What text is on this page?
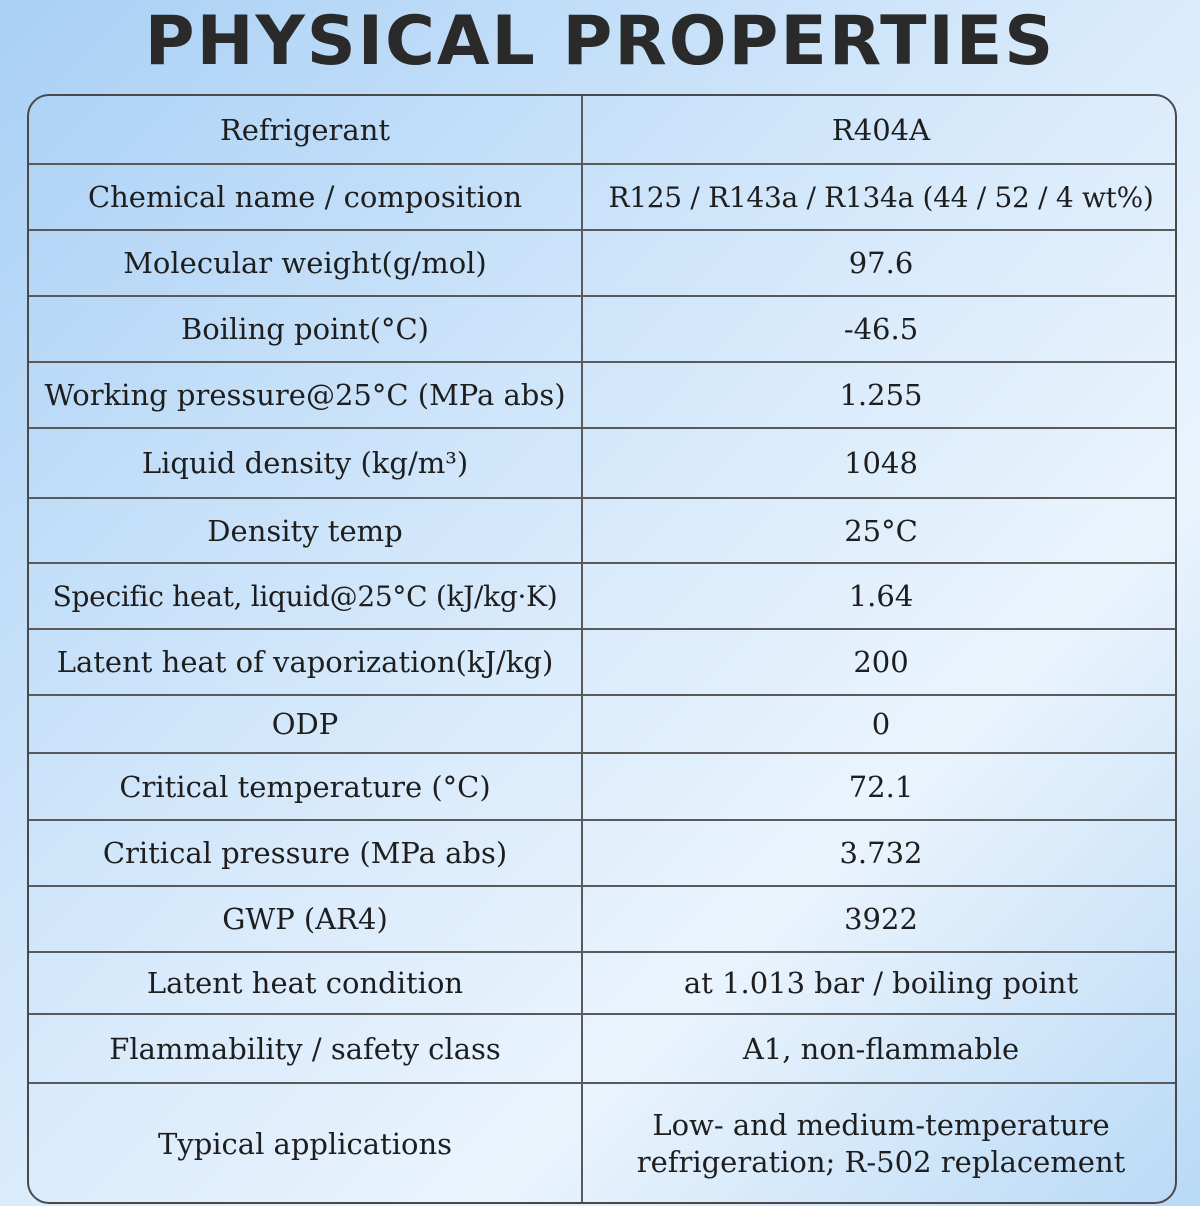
PHYSICAL PROPERTIES
Refrigerant	R404A
Chemical name / composition	R125 / R143a / R134a (44 / 52 / 4 wt%)
Molecular weight(g/mol)	97.6
Boiling point(°C)	-46.5
Working pressure@25°C (MPa abs)	1.255
Liquid density (kg/m³)	1048
Density temp	25°C
Specific heat, liquid@25°C (kJ/kg·K)	1.64
Latent heat of vaporization(kJ/kg)	200
ODP	0
Critical temperature (°C)	72.1
Critical pressure (MPa abs)	3.732
GWP (AR4)	3922
Latent heat condition	at 1.013 bar / boiling point
Flammability / safety class	A1, non-flammable
Typical applications	Low- and medium-temperature refrigeration; R-502 replacement
